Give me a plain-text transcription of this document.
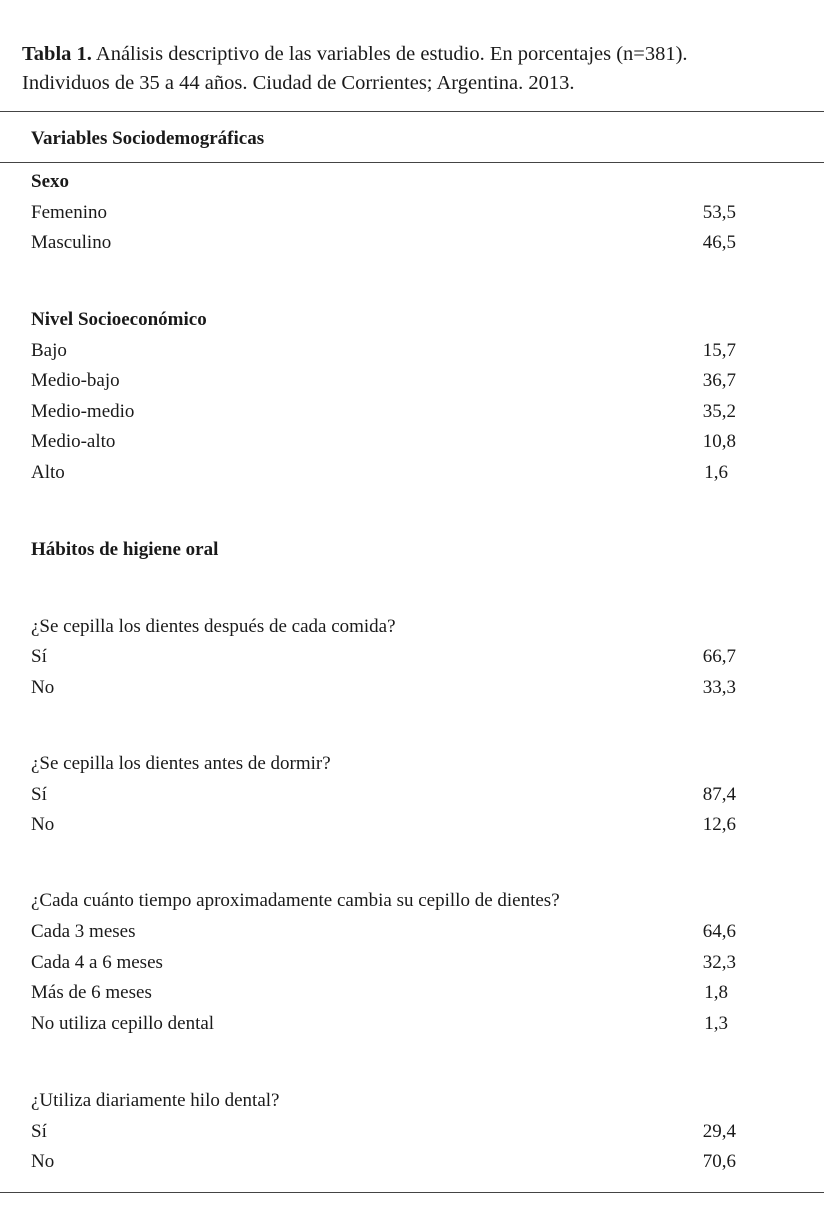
Tabla 1. Análisis descriptivo de las variables de estudio. En porcentajes (n=381).
Individuos de 35 a 44 años. Ciudad de Corrientes; Argentina. 2013.
Variables Sociodemográficas
Sexo
Femenino	53,5
Masculino	46,5
Nivel Socioeconómico
Bajo	15,7
Medio-bajo	36,7
Medio-medio	35,2
Medio-alto	10,8
Alto	1,6
Hábitos de higiene oral
¿Se cepilla los dientes después de cada comida?
Sí	66,7
No	33,3
¿Se cepilla los dientes antes de dormir?
Sí	87,4
No	12,6
¿Cada cuánto tiempo aproximadamente cambia su cepillo de dientes?
Cada 3 meses	64,6
Cada 4 a 6 meses	32,3
Más de 6 meses	1,8
No utiliza cepillo dental	1,3
¿Utiliza diariamente hilo dental?
Sí	29,4
No	70,6
